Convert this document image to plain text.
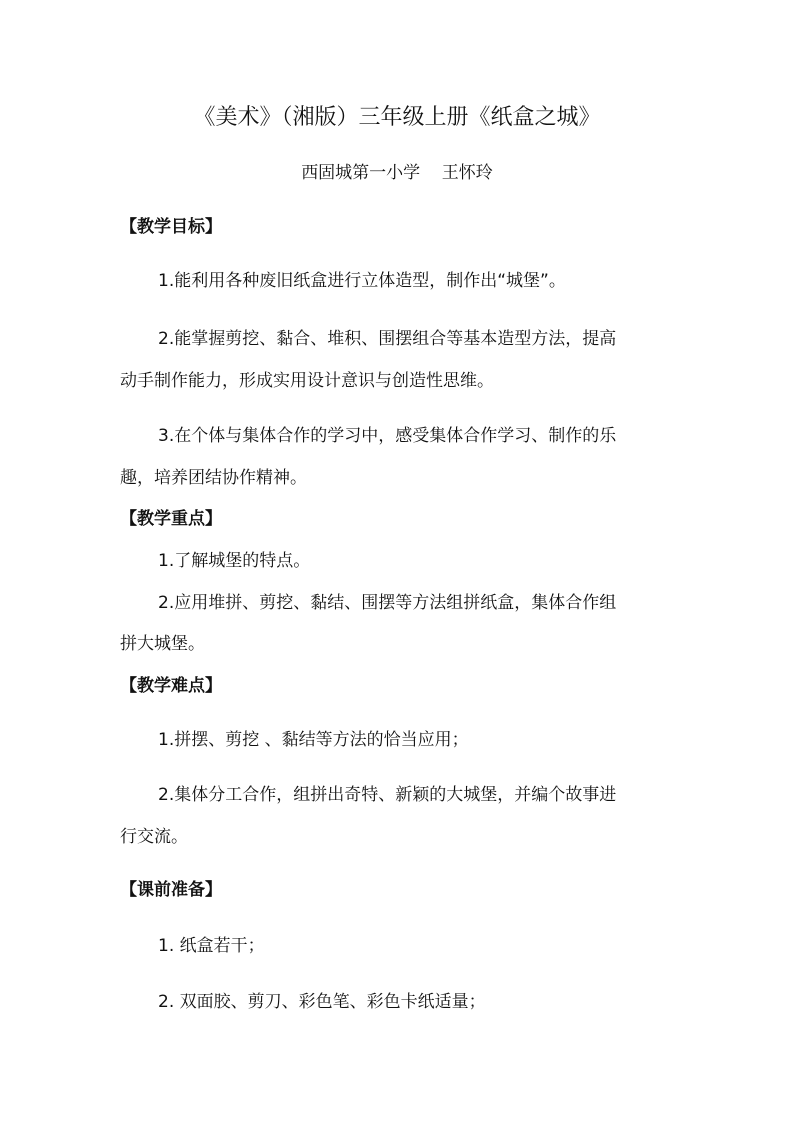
《美术》（湘版）三年级上册《纸盒之城》
西固城第一小学    王怀玲
【教学目标】
1.能利用各种废旧纸盒进行立体造型，制作出“城堡”。
2.能掌握剪挖、黏合、堆积、围摆组合等基本造型方法，提高
动手制作能力，形成实用设计意识与创造性思维。
3.在个体与集体合作的学习中，感受集体合作学习、制作的乐
趣，培养团结协作精神。
【教学重点】
1.了解城堡的特点。
2.应用堆拼、剪挖、黏结、围摆等方法组拼纸盒，集体合作组
拼大城堡。
【教学难点】
1.拼摆、剪挖 、黏结等方法的恰当应用；
2.集体分工合作，组拼出奇特、新颖的大城堡，并编个故事进
行交流。
【课前准备】
1. 纸盒若干；
2. 双面胶、剪刀、彩色笔、彩色卡纸适量；
